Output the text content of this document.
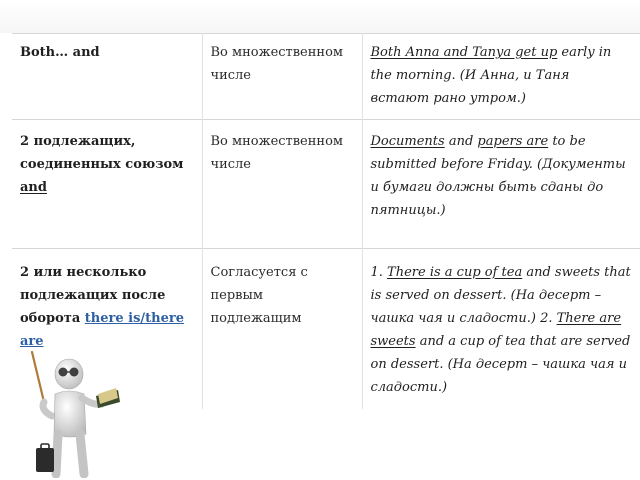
Both… and	Во множественном числе	Both Anna and Tanya get up early in the morning. (И Анна, и Таня встают рано утром.)
2 подлежащих, соединенных союзом and	Во множественном числе	Documents and papers are to be submitted before Friday. (Документы и бумаги должны быть сданы до пятницы.)
2 или несколько подлежащих после оборота there is/there are	Согласуется с первым подлежащим	1. There is a cup of tea and sweets that is served on dessert. (На десерт – чашка чая и сладости.) 2. There are sweets and a cup of tea that are served on dessert. (На десерт – чашка чая и сладости.)
